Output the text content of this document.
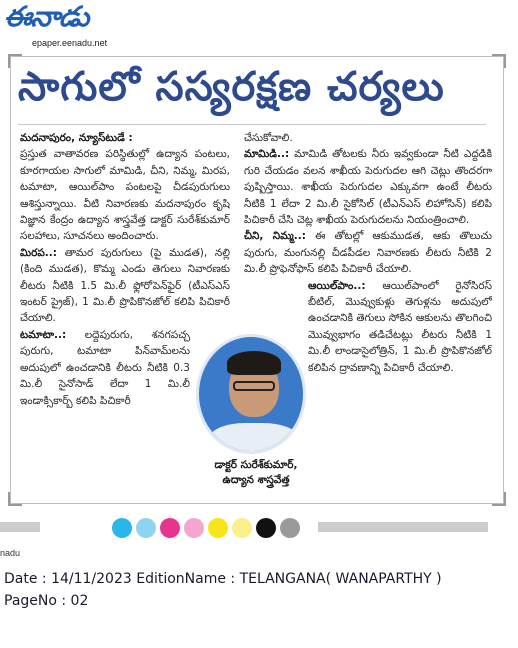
ఈనాడు
epaper.eenadu.net
సాగులో సస్యరక్షణ చర్యలు

మదనాపురం, న్యూస్‌టుడే :

ప్రస్తుత వాతావరణ పరిస్థితుల్లో ఉద్యాన పంటలు, కూరగాయల సాగులో మామిడి, చీని, నిమ్మ, మిరప, టమాటా, ఆయిల్‌పాం పంటలపై చీడపురుగులు ఆశిస్తున్నాయి. వీటి నివారణకు మదనాపురం కృషి విజ్ఞాన కేంద్రం ఉద్యాన శాస్త్రవేత్త డాక్టర్ సురేశ్‌కుమార్ సలహాలు, సూచనలు అందించారు.

మిరప..: తామర పురుగులు (పై ముడత), నల్లి (కింది ముడత), కొమ్మ ఎండు తెగులు నివారణకు లీటరు నీటికి 1.5 మి.లీ ఫ్లోరోపెన్‌ఫైర్ (టీఎస్‌ఎస్ ఇంటర్ ప్రైజ్), 1 మి.లీ ప్రొపికొనజోల్ కలిపి పిచికారీ చేయాలి.

టమాటా..: లద్దెపురుగు, శనగపచ్చ పురుగు, టమాటా పిన్‌వామ్‌లను అదుపులో ఉంచడానికి లీటరు నీటికి 0.3 మి.లీ సైనోసాడ్ లేదా 1 మి.లీ ఇండాక్సికార్బ్ కలిపి పిచికారీ

చేసుకోవాలి.

మామిడి..: మామిడి తోటలకు నీరు ఇవ్వకుండా నీటి ఎద్దడికి గురి చేయడం వలన శాఖీయ పెరుగుదల ఆగి చెట్లు తొందరగా పుష్పిస్తాయి. శాఖీయ పెరుగుదల ఎక్కువగా ఉంటే లీటరు నీటికి 1 లేదా 2 మి.లీ సైకోసిల్ (టీఎన్‌ఎస్ లిహోసిన్) కలిపి పిచికారీ చేసి చెట్ల శాఖీయ పెరుగుదలను నియంత్రించాలి.

చీని, నిమ్మ..: ఈ తోటల్లో ఆకుముడత, ఆకు తొలుచు పురుగు, మంగునల్లి చీడపీడల నివారణకు లీటరు నీటికి 2 మి.లీ ప్రొఫెనోఫాస్ కలిపి పిచికారీ చేయాలి.

ఆయిల్‌పాం..: ఆయిల్‌పాంలో రైనోసిరస్ బీటిల్, మొవ్వుకుళ్లు తెగుళ్లను అదుపులో ఉంచడానికి తెగులు సోకిన ఆకులను తొలగించి మొవ్వుభాగం తడిచేటట్లు లీటరు నీటికి 1 మి.లీ లాండాసైలోత్రిన్, 1 మి.లీ ప్రొపికొనజోల్ కలిపిన ద్రావణాన్ని పిచికారీ చేయాలి.

డాక్టర్ సురేశ్‌కుమార్,
ఉద్యాన శాస్త్రవేత్త
nadu
Date : 14/11/2023 EditionName : TELANGANA( WANAPARTHY )
PageNo : 02
